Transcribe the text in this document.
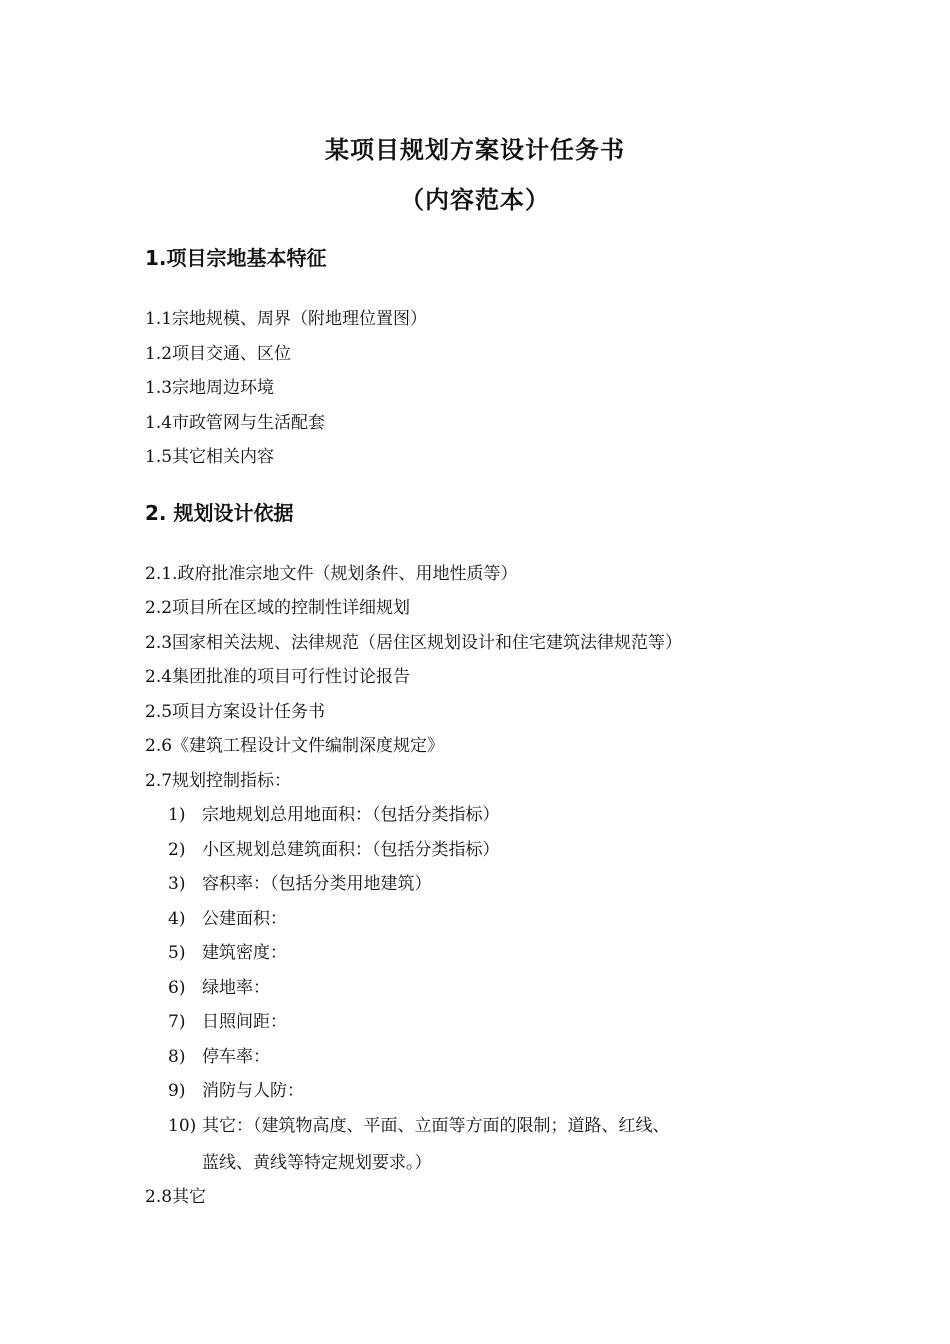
某项目规划方案设计任务书
（内容范本）
1.项目宗地基本特征
1.1宗地规模、周界（附地理位置图）
1.2项目交通、区位
1.3宗地周边环境
1.4市政管网与生活配套
1.5其它相关内容
2. 规划设计依据
2.1.政府批准宗地文件（规划条件、用地性质等）
2.2项目所在区域的控制性详细规划
2.3国家相关法规、法律规范（居住区规划设计和住宅建筑法律规范等）
2.4集团批准的项目可行性讨论报告
2.5项目方案设计任务书
2.6《建筑工程设计文件编制深度规定》
2.7规划控制指标：
1) 宗地规划总用地面积：（包括分类指标）
2) 小区规划总建筑面积：（包括分类指标）
3) 容积率：（包括分类用地建筑）
4) 公建面积：
5) 建筑密度：
6) 绿地率：
7) 日照间距：
8) 停车率：
9) 消防与人防：
10) 其它：（建筑物高度、平面、立面等方面的限制；道路、红线、
蓝线、黄线等特定规划要求。）
2.8其它
